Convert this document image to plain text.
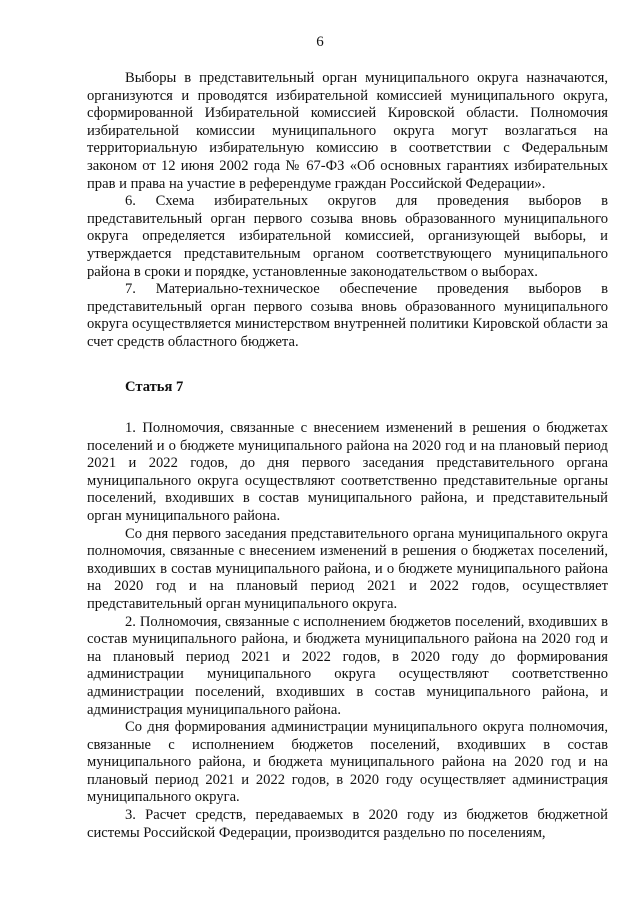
6

Выборы в представительный орган муниципального округа назначаются, организуются и проводятся избирательной комиссией муниципального округа, сформированной Избирательной комиссией Кировской области. Полномочия избирательной комиссии муниципального округа могут возлагаться на территориальную избирательную комиссию в соответствии с Федеральным законом от 12 июня 2002 года № 67-ФЗ «Об основных гарантиях избирательных прав и права на участие в референдуме граждан Российской Федерации».

6. Схема избирательных округов для проведения выборов в представительный орган первого созыва вновь образованного муниципального округа определяется избирательной комиссией, организующей выборы, и утверждается представительным органом соответствующего муниципального района в сроки и порядке, установленные законодательством о выборах.

7. Материально-техническое обеспечение проведения выборов в представительный орган первого созыва вновь образованного муниципального округа осуществляется министерством внутренней политики Кировской области за счет средств областного бюджета.

Статья 7

1. Полномочия, связанные с внесением изменений в решения о бюджетах поселений и о бюджете муниципального района на 2020 год и на плановый период 2021 и 2022 годов, до дня первого заседания представительного органа муниципального округа осуществляют соответственно представительные органы поселений, входивших в состав муниципального района, и представительный орган муниципального района.

Со дня первого заседания представительного органа муниципального округа полномочия, связанные с внесением изменений в решения о бюджетах поселений, входивших в состав муниципального района, и о бюджете муниципального района на 2020 год и на плановый период 2021 и 2022 годов, осуществляет представительный орган муниципального округа.

2. Полномочия, связанные с исполнением бюджетов поселений, входивших в состав муниципального района, и бюджета муниципального района на 2020 год и на плановый период 2021 и 2022 годов, в 2020 году до формирования администрации муниципального округа осуществляют соответственно администрации поселений, входивших в состав муниципального района, и администрация муниципального района.

Со дня формирования администрации муниципального округа полномочия, связанные с исполнением бюджетов поселений, входивших в состав муниципального района, и бюджета муниципального района на 2020 год и на плановый период 2021 и 2022 годов, в 2020 году осуществляет администрация муниципального округа.

3. Расчет средств, передаваемых в 2020 году из бюджетов бюджетной системы Российской Федерации, производится раздельно по поселениям,
